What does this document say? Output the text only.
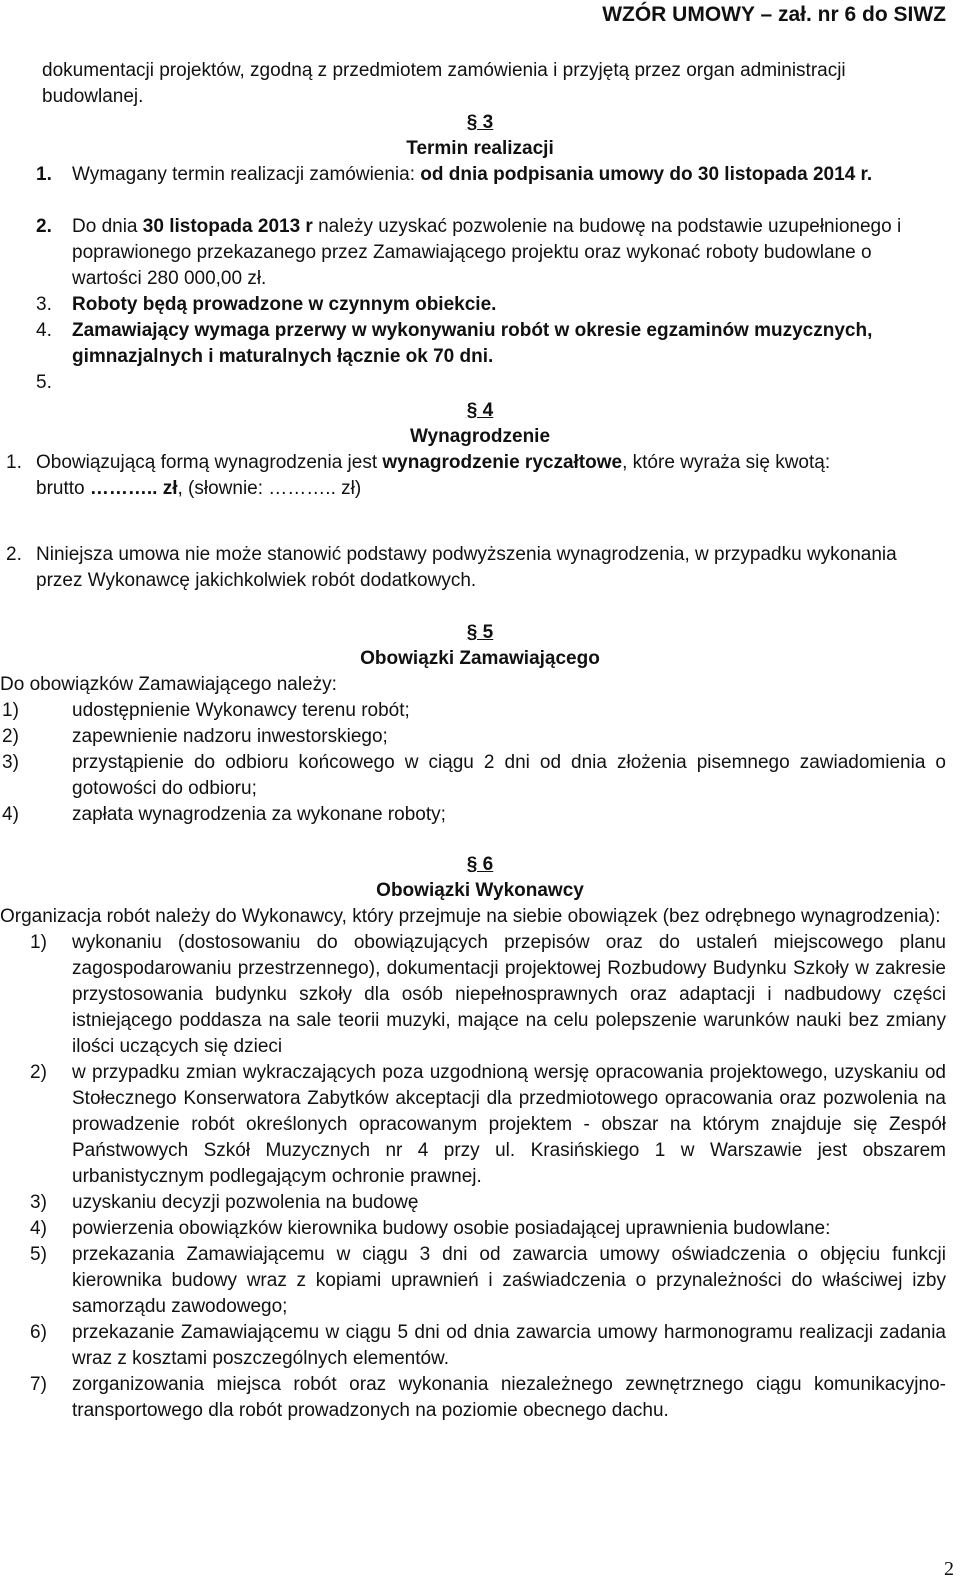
WZÓR UMOWY – zał. nr 6 do SIWZ
dokumentacji projektów, zgodną z przedmiotem zamówienia i przyjętą przez organ administracji budowlanej.
§ 3
Termin realizacji
1.	Wymagany termin realizacji zamówienia: od dnia podpisania umowy do 30 listopada 2014 r.
2.	Do dnia 30 listopada 2013 r należy uzyskać pozwolenie na budowę na podstawie uzupełnionego i poprawionego przekazanego przez Zamawiającego projektu oraz wykonać roboty budowlane o wartości 280 000,00 zł.
3.	Roboty będą prowadzone w czynnym obiekcie.
4.	Zamawiający wymaga przerwy w wykonywaniu robót w okresie egzaminów muzycznych, gimnazjalnych i maturalnych łącznie ok 70 dni.
5.
§ 4
Wynagrodzenie
1. Obowiązującą formą wynagrodzenia jest wynagrodzenie ryczałtowe, które wyraża się kwotą:
brutto ……….. zł, (słownie: ……….. zł)
2. Niniejsza umowa nie może stanowić podstawy podwyższenia wynagrodzenia, w przypadku wykonania przez Wykonawcę jakichkolwiek robót dodatkowych.
§ 5
Obowiązki Zamawiającego
Do obowiązków Zamawiającego należy:
1)	udostępnienie Wykonawcy terenu robót;
2)	zapewnienie nadzoru inwestorskiego;
3)	przystąpienie do odbioru końcowego w ciągu 2 dni od dnia złożenia pisemnego zawiadomienia o gotowości do odbioru;
4)	zapłata wynagrodzenia za wykonane roboty;
§ 6
Obowiązki Wykonawcy
Organizacja robót należy do Wykonawcy, który przejmuje na siebie obowiązek (bez odrębnego wynagrodzenia):
1)	wykonaniu (dostosowaniu do obowiązujących przepisów oraz do ustaleń miejscowego planu zagospodarowaniu przestrzennego), dokumentacji projektowej Rozbudowy Budynku Szkoły w zakresie przystosowania budynku szkoły dla osób niepełnosprawnych oraz adaptacji i nadbudowy części istniejącego poddasza na sale teorii muzyki, mające na celu polepszenie warunków nauki bez zmiany ilości uczących się dzieci
2)	w przypadku zmian wykraczających poza uzgodnioną wersję opracowania projektowego, uzyskaniu od Stołecznego Konserwatora Zabytków akceptacji dla przedmiotowego opracowania oraz pozwolenia na prowadzenie robót określonych opracowanym projektem - obszar na którym znajduje się Zespół Państwowych Szkół Muzycznych nr 4 przy ul. Krasińskiego 1 w Warszawie jest obszarem urbanistycznym podlegającym ochronie prawnej.
3)	uzyskaniu decyzji pozwolenia na budowę
4)	powierzenia obowiązków kierownika budowy osobie posiadającej uprawnienia budowlane:
5)	przekazania Zamawiającemu w ciągu 3 dni od zawarcia umowy oświadczenia o objęciu funkcji kierownika budowy wraz z kopiami uprawnień i zaświadczenia o przynależności do właściwej izby samorządu zawodowego;
6)	przekazanie Zamawiającemu w ciągu 5 dni od dnia zawarcia umowy harmonogramu realizacji zadania wraz z kosztami poszczególnych elementów.
7)	zorganizowania miejsca robót oraz wykonania niezależnego zewnętrznego ciągu komunikacyjno-transportowego dla robót prowadzonych na poziomie obecnego dachu.
2
